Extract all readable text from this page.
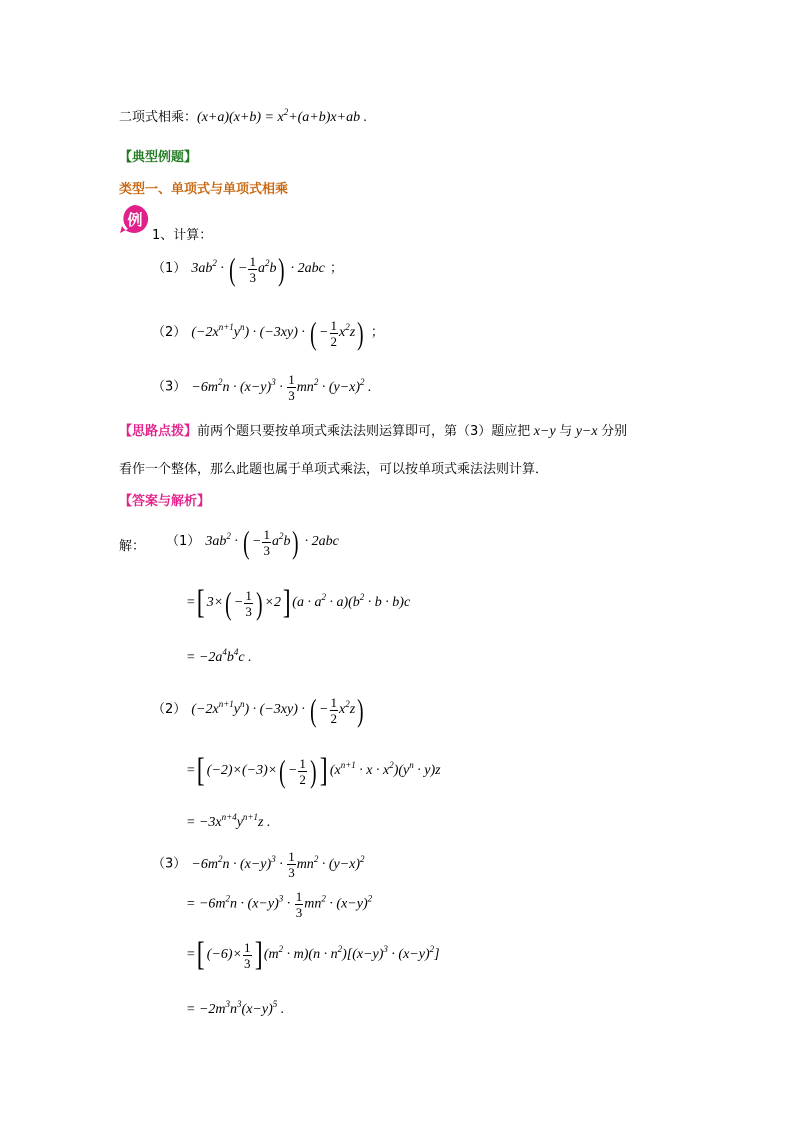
二项式相乘：$(x+a)(x+b) = x^2+(a+b)x+ab$ .
【典型例题】
类型一、单项式与单项式相乘
例
1、计算：
（1） $3ab^2$ · ( − $\frac{1}{3} a^2b) \cdot 2abc$ ；
（2） $(-2x^{n+1}y^n) \cdot (-3xy)$ · ( − $\frac{1}{2} x^2z$) ；
$(3) -6m^2n \cdot (x-y)^3 \cdot \frac{1}{3} mn^2 \cdot (y-x)^2$ .
【思路点拨】前两个题只要按单项式乘法法则运算即可，第（3）题应把 x−y 与 y−x 分别
看作一个整体，那么此题也属于单项式乘法，可以按单项式乘法法则计算．
【答案与解析】
解： （1） $3ab^2$ · ( − $\frac{1}{3} a^2b) \cdot 2abc$
=[ $3\times( - \frac{1}{3}$ ) ×2] $(a \cdot a^2 \cdot a)(b^2 \cdot b \cdot b)c$
= $-2a^4b^4c$ .
（2） $(-2x^{n+1}y^n) \cdot (-3xy)$ · ( − $\frac{1}{2} x^2z$)
=[ $(-2)\times(-3)\times( - \frac{1}{2}$ ) ] $(x^{n+1} \cdot x \cdot x^2)(y^n \cdot y)z$
= $-3x^{n+4}y^{n+1}z$ .
$(3) -6m^2n \cdot (x-y)^3 \cdot \frac{1}{3} mn^2 \cdot (y-x)^2$
= $-6m^2n \cdot (x-y)^3 \cdot \frac{1}{3} mn^2 \cdot (x-y)^2$
=[ $(-6)\times \frac{1}{3}$ ] $(m^2 \cdot m)(n \cdot n^2)[(x-y)^3 \cdot (x-y)^2]$
= $-2m^3n^3(x-y)^5$ .
